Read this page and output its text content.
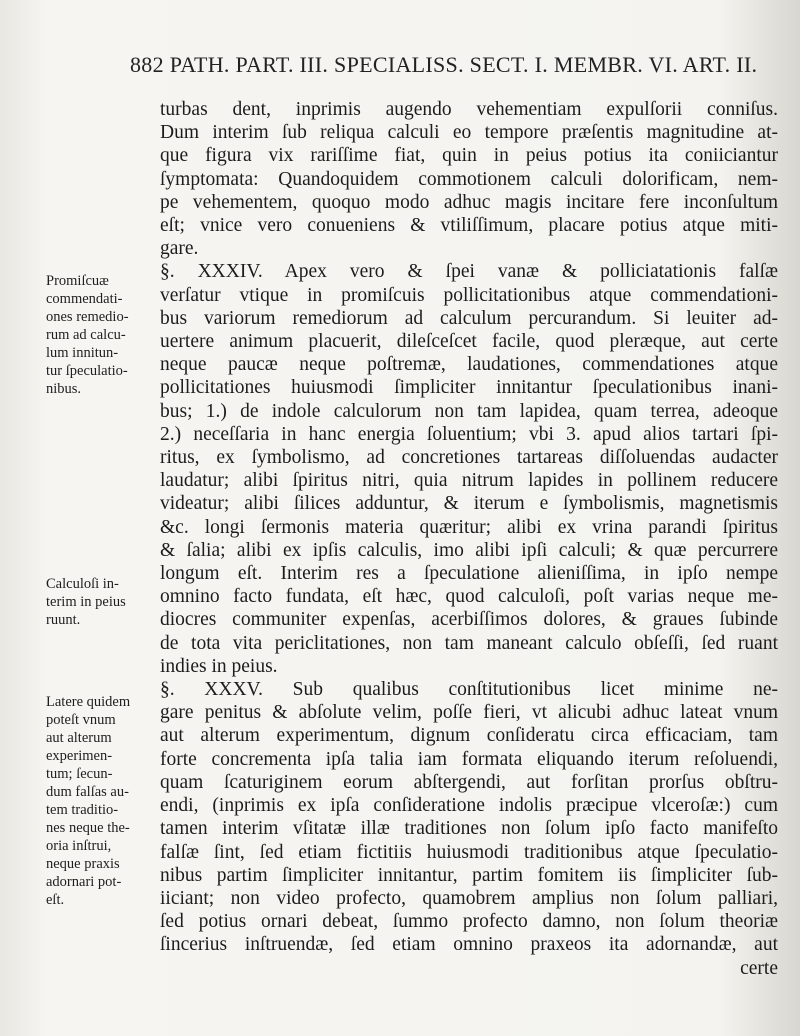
882 PATH. PART. III. SPECIALISS. SECT. I. MEMBR. VI. ART. II.
turbas dent, inprimis augendo vehementiam expulſorii conniſus.
Dum interim ſub reliqua calculi eo tempore præſentis magnitudine at-
que figura vix rariſſime fiat, quin in peius potius ita coniiciantur
ſymptomata: Quandoquidem commotionem calculi dolorificam, nem-
pe vehementem, quoquo modo adhuc magis incitare fere inconſultum
eſt; vnice vero conueniens & vtiliſſimum, placare potius atque miti-
gare.
§. XXXIV. Apex vero & ſpei vanæ & polliciatationis falſæ
verſatur vtique in promiſcuis pollicitationibus atque commendationi-
bus variorum remediorum ad calculum percurandum. Si leuiter ad-
uertere animum placuerit, dileſceſcet facile, quod pleræque, aut certe
neque paucæ neque poſtremæ, laudationes, commendationes atque
pollicitationes huiusmodi ſimpliciter innitantur ſpeculationibus inani-
bus; 1.) de indole calculorum non tam lapidea, quam terrea, adeoque
2.) neceſſaria in hanc energia ſoluentium; vbi 3. apud alios tartari ſpi-
ritus, ex ſymbolismo, ad concretiones tartareas diſſoluendas audacter
laudatur; alibi ſpiritus nitri, quia nitrum lapides in pollinem reducere
videatur; alibi ſilices adduntur, & iterum e ſymbolismis, magnetismis
&c. longi ſermonis materia quæritur; alibi ex vrina parandi ſpiritus
& ſalia; alibi ex ipſis calculis, imo alibi ipſi calculi; & quæ percurrere
longum eſt. Interim res a ſpeculatione alieniſſima, in ipſo nempe
omnino facto fundata, eſt hæc, quod calculoſi, poſt varias neque me-
diocres communiter expenſas, acerbiſſimos dolores, & graues ſubinde
de tota vita periclitationes, non tam maneant calculo obſeſſi, ſed ruant
indies in peius.
§. XXXV. Sub qualibus conſtitutionibus licet minime ne-
gare penitus & abſolute velim, poſſe fieri, vt alicubi adhuc lateat vnum
aut alterum experimentum, dignum conſideratu circa efficaciam, tam
forte concrementa ipſa talia iam formata eliquando iterum reſoluendi,
quam ſcaturiginem eorum abſtergendi, aut forſitan prorſus obſtru-
endi, (inprimis ex ipſa conſideratione indolis præcipue vlceroſæ:) cum
tamen interim vſitatæ illæ traditiones non ſolum ipſo facto manifeſto
falſæ ſint, ſed etiam fictitiis huiusmodi traditionibus atque ſpeculatio-
nibus partim ſimpliciter innitantur, partim fomitem iis ſimpliciter ſub-
iiciant; non video profecto, quamobrem amplius non ſolum palliari,
ſed potius ornari debeat, ſummo profecto damno, non ſolum theoriæ
ſincerius inſtruendæ, ſed etiam omnino praxeos ita adornandæ, aut
certe
Promiſcuæ
commendati-
ones remedio-
rum ad calcu-
lum innitun-
tur ſpeculatio-
nibus.
Calculoſi in-
terim in peius
ruunt.
Latere quidem
poteſt vnum
aut alterum
experimen-
tum; ſecun-
dum falſas au-
tem traditio-
nes neque the-
oria inſtrui,
neque praxis
adornari pot-
eſt.
